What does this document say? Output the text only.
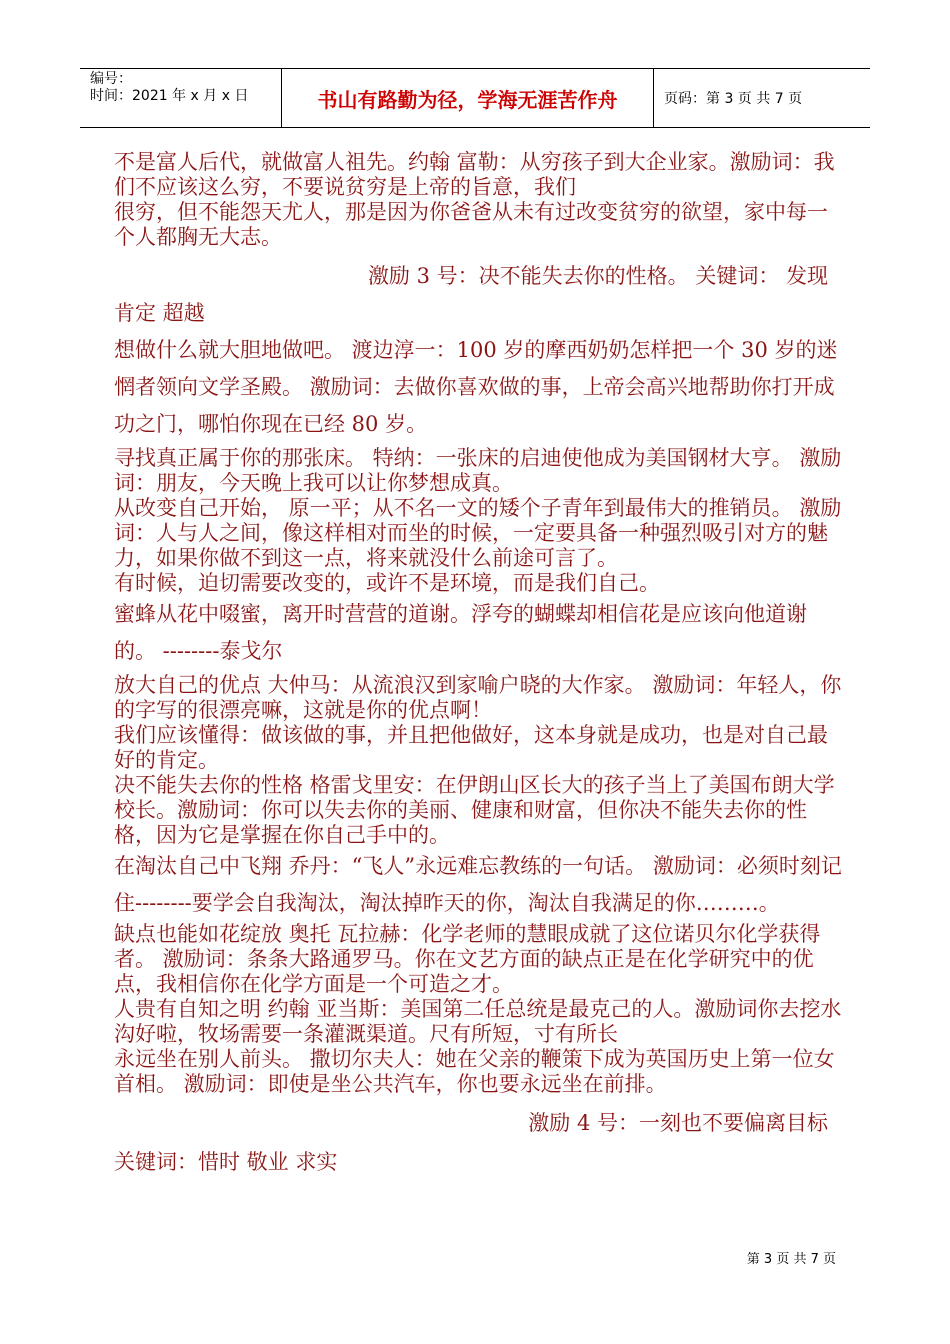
编号：
时间：2021 年 x 月 x 日	书山有路勤为径，学海无涯苦作舟	页码：第 3 页 共 7 页

不是富人后代，就做富人祖先。约翰 富勒：从穷孩子到大企业家。激励词：我们不应该这么穷，不要说贫穷是上帝的旨意，我们

很穷，但不能怨天尤人，那是因为你爸爸从未有过改变贫穷的欲望，家中每一个人都胸无大志。

激励 3 号：决不能失去你的性格。 关键词： 发现

肯定 超越

想做什么就大胆地做吧。 渡边淳一：100 岁的摩西奶奶怎样把一个 30 岁的迷惘者领向文学圣殿。 激励词：去做你喜欢做的事，上帝会高兴地帮助你打开成功之门，哪怕你现在已经 80 岁。

寻找真正属于你的那张床。 特纳：一张床的启迪使他成为美国钢材大亨。 激励词：朋友，今天晚上我可以让你梦想成真。

从改变自己开始， 原一平；从不名一文的矮个子青年到最伟大的推销员。 激励词：人与人之间，像这样相对而坐的时候，一定要具备一种强烈吸引对方的魅力，如果你做不到这一点，将来就没什么前途可言了。

有时候，迫切需要改变的，或许不是环境，而是我们自己。

蜜蜂从花中啜蜜，离开时营营的道谢。浮夸的蝴蝶却相信花是应该向他道谢的。 --------泰戈尔

放大自己的优点 大仲马：从流浪汉到家喻户晓的大作家。 激励词：年轻人，你的字写的很漂亮嘛，这就是你的优点啊！

我们应该懂得：做该做的事，并且把他做好，这本身就是成功，也是对自己最好的肯定。

决不能失去你的性格 格雷戈里安：在伊朗山区长大的孩子当上了美国布朗大学校长。激励词：你可以失去你的美丽、健康和财富，但你决不能失去你的性格，因为它是掌握在你自己手中的。

在淘汰自己中飞翔 乔丹：“飞人”永远难忘教练的一句话。 激励词：必须时刻记住--------要学会自我淘汰，淘汰掉昨天的你，淘汰自我满足的你………。

缺点也能如花绽放 奥托 瓦拉赫：化学老师的慧眼成就了这位诺贝尔化学获得者。 激励词：条条大路通罗马。你在文艺方面的缺点正是在化学研究中的优点，我相信你在化学方面是一个可造之才。

人贵有自知之明 约翰 亚当斯：美国第二任总统是最克己的人。激励词你去挖水沟好啦，牧场需要一条灌溉渠道。尺有所短，寸有所长

永远坐在别人前头。 撒切尔夫人：她在父亲的鞭策下成为英国历史上第一位女首相。 激励词：即使是坐公共汽车，你也要永远坐在前排。

激励 4 号：一刻也不要偏离目标

关键词：惜时 敬业 求实

第 3 页 共 7 页
